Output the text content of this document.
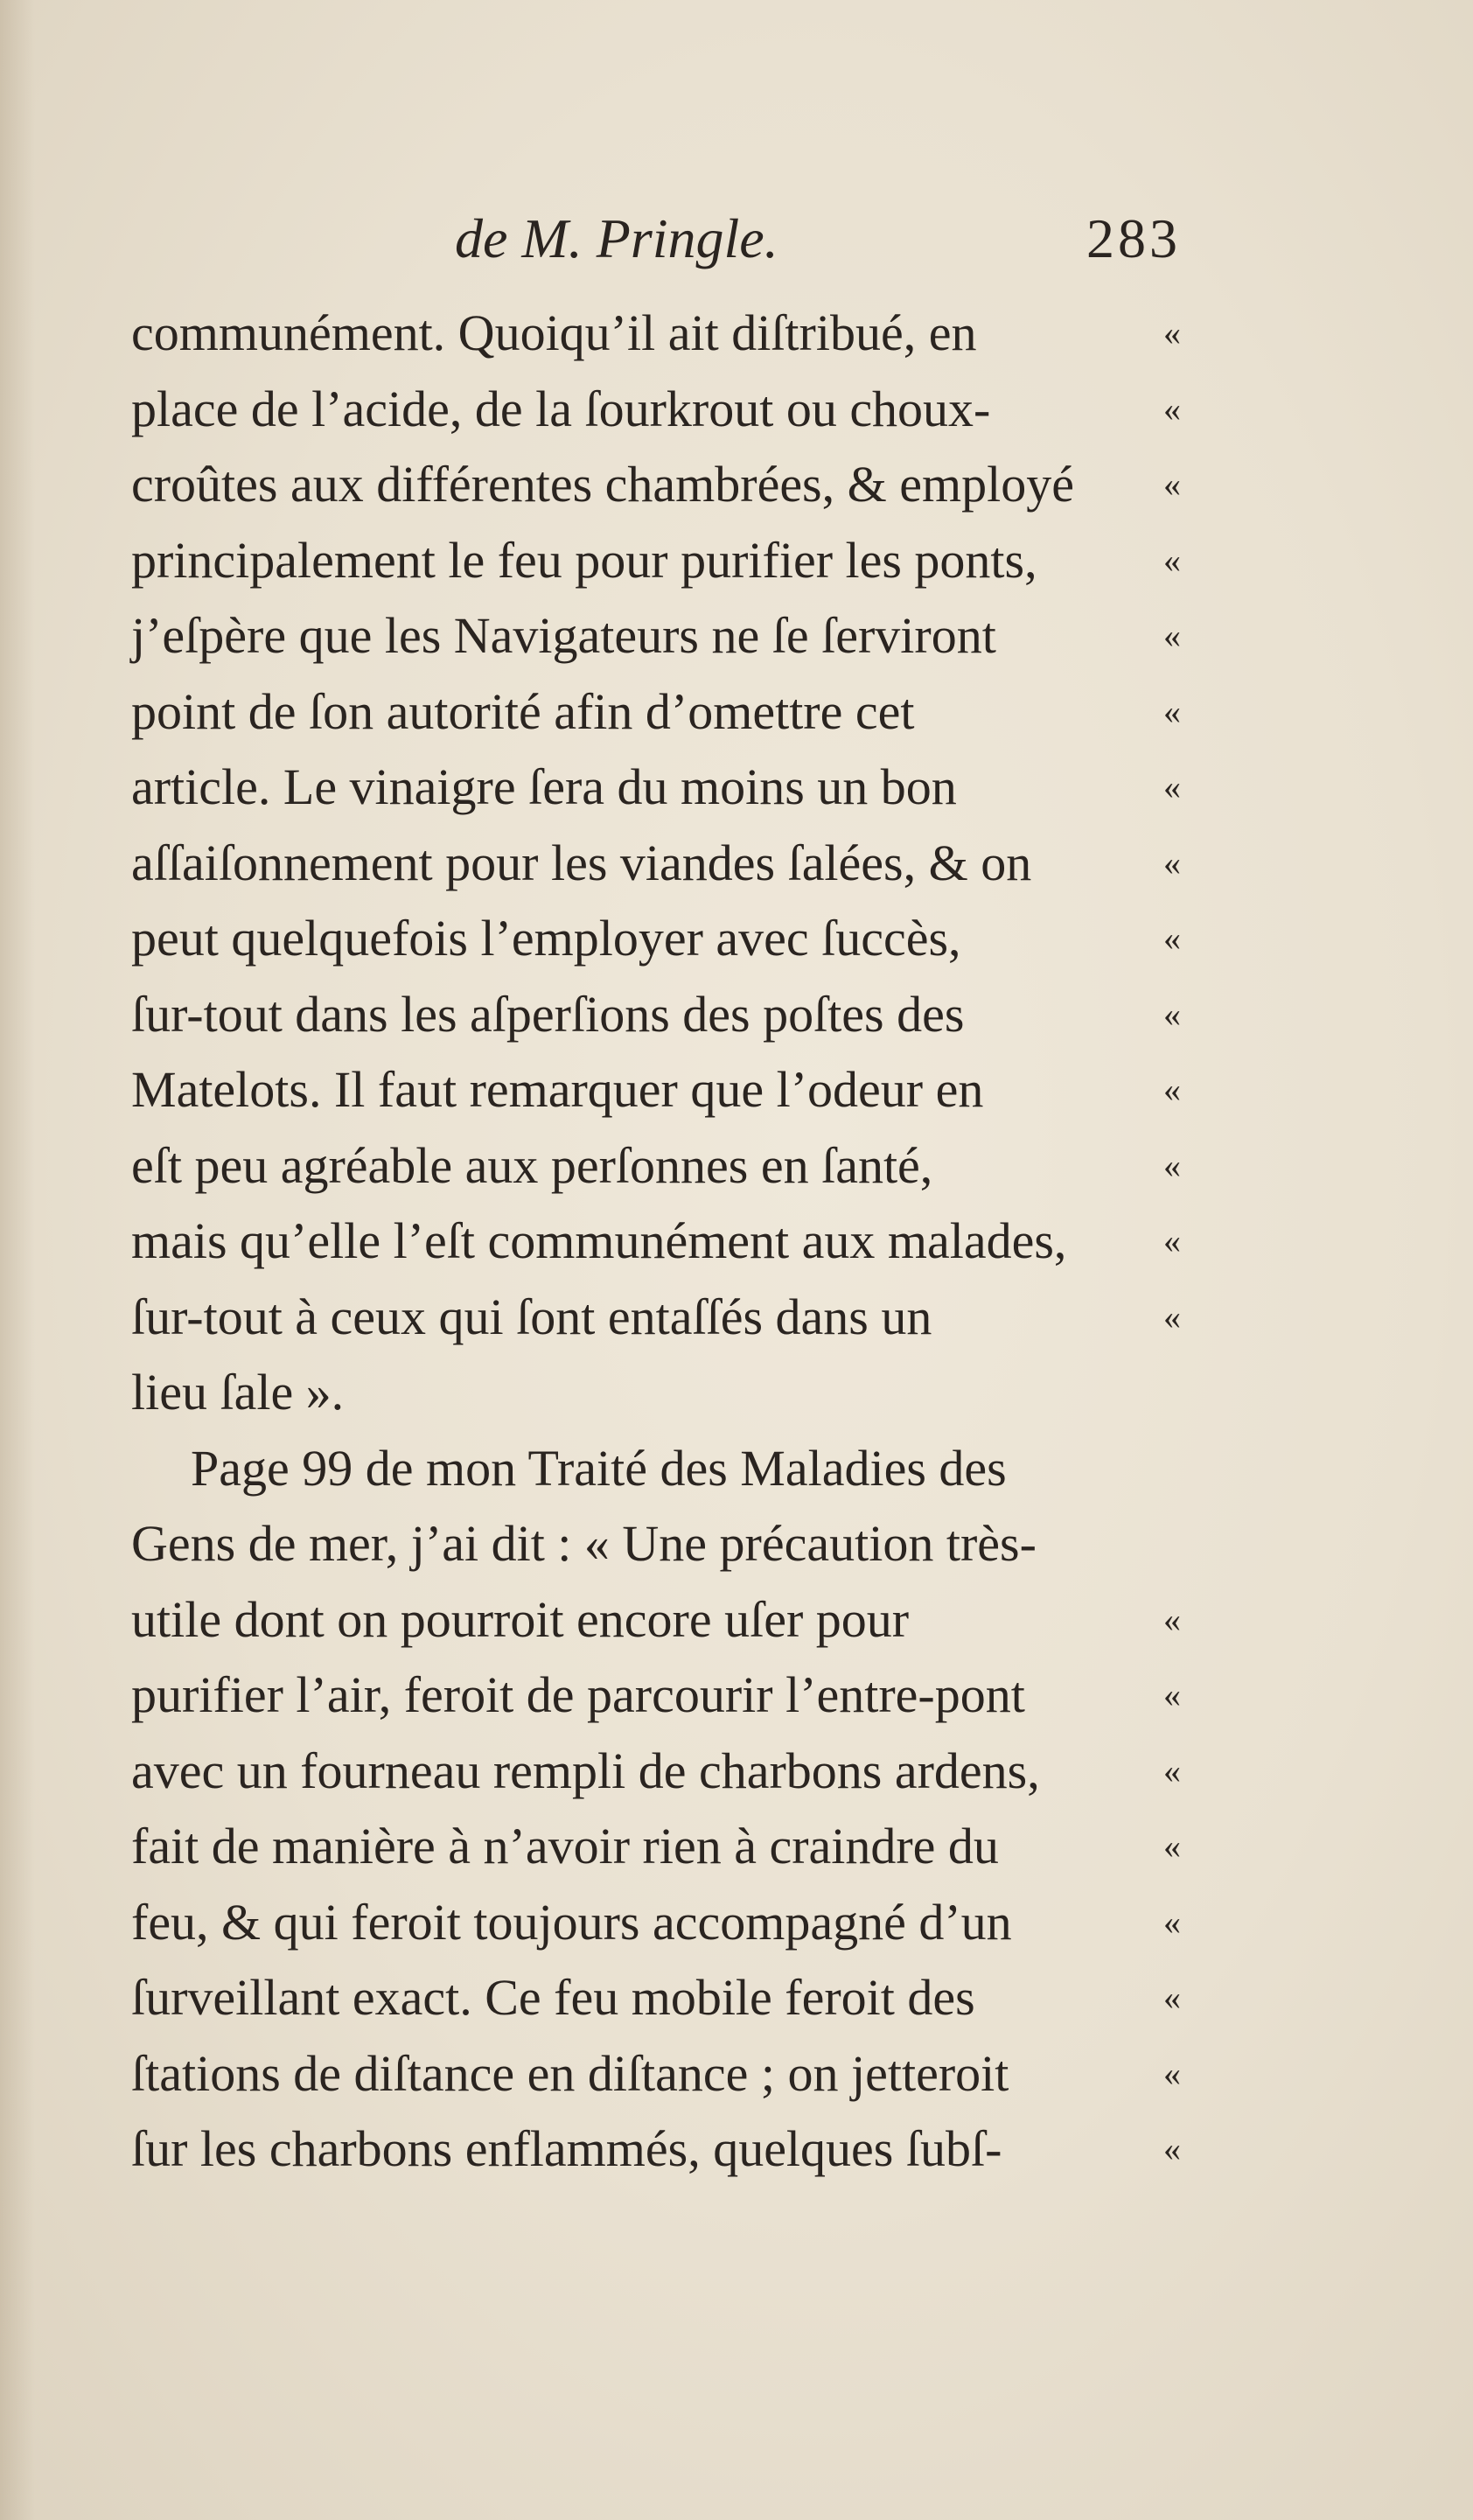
de M. Pringle.	283
communément. Quoiqu’il ait diſtribué, en	«
place de l’acide, de la ſourkrout ou choux-	«
croûtes aux différentes chambrées, & employé	«
principalement le feu pour purifier les ponts,	«
j’eſpère que les Navigateurs ne ſe ſerviront	«
point de ſon autorité afin d’omettre cet	«
article. Le vinaigre ſera du moins un bon	«
aſſaiſonnement pour les viandes ſalées, & on	«
peut quelquefois l’employer avec ſuccès,	«
ſur-tout dans les aſperſions des poſtes des	«
Matelots. Il faut remarquer que l’odeur en	«
eſt peu agréable aux perſonnes en ſanté,	«
mais qu’elle l’eſt communément aux malades,	«
ſur-tout à ceux qui ſont entaſſés dans un	«
lieu ſale ».
Page 99 de mon Traité des Maladies des
Gens de mer, j’ai dit : « Une précaution très-
utile dont on pourroit encore uſer pour	«
purifier l’air, feroit de parcourir l’entre-pont	«
avec un fourneau rempli de charbons ardens,	«
fait de manière à n’avoir rien à craindre du	«
feu, & qui feroit toujours accompagné d’un	«
ſurveillant exact. Ce feu mobile feroit des	«
ſtations de diſtance en diſtance ; on jetteroit	«
ſur les charbons enflammés, quelques ſubſ-	«
